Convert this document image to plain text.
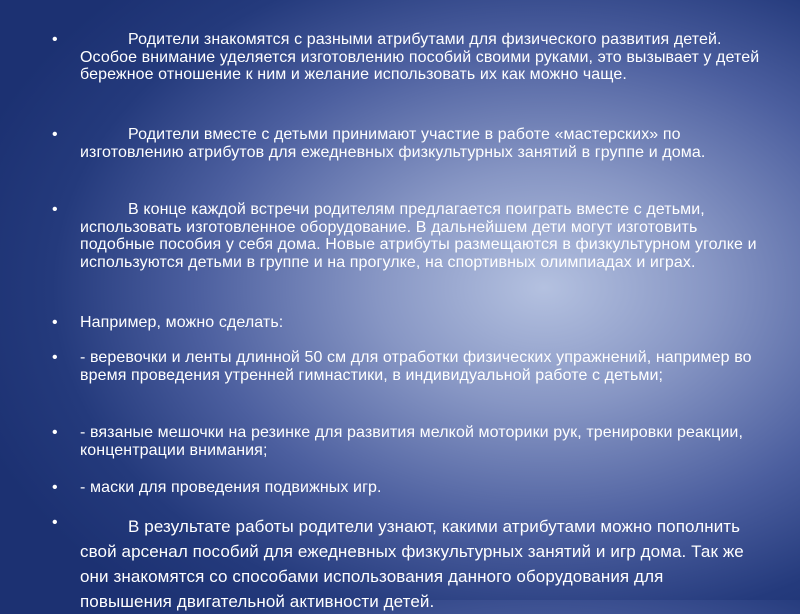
•	Родители знакомятся с разными атрибутами для физического развития детей. Особое внимание уделяется изготовлению пособий своими руками, это вызывает у детей бережное отношение к ним и желание использовать их как можно чаще.
•	Родители вместе с детьми принимают участие в работе «мастерских» по изготовлению атрибутов для ежедневных физкультурных занятий в группе и дома.
•	В конце каждой встречи родителям предлагается поиграть вместе с детьми, использовать изготовленное оборудование. В дальнейшем дети могут изготовить подобные пособия у себя дома. Новые атрибуты размещаются в физкультурном уголке и используются детьми в группе и на прогулке, на спортивных олимпиадах и играх.
• Например, можно сделать:
• - веревочки и ленты длинной 50 см для отработки физических упражнений, например во время проведения утренней гимнастики, в индивидуальной работе с детьми;
• - вязаные мешочки на резинке для развития мелкой моторики рук, тренировки реакции, концентрации внимания;
• - маски для проведения подвижных игр.
•	В результате работы родители узнают, какими атрибутами можно пополнить свой арсенал пособий для ежедневных физкультурных занятий и игр дома. Так же они знакомятся со способами использования данного оборудования для повышения двигательной активности детей.
